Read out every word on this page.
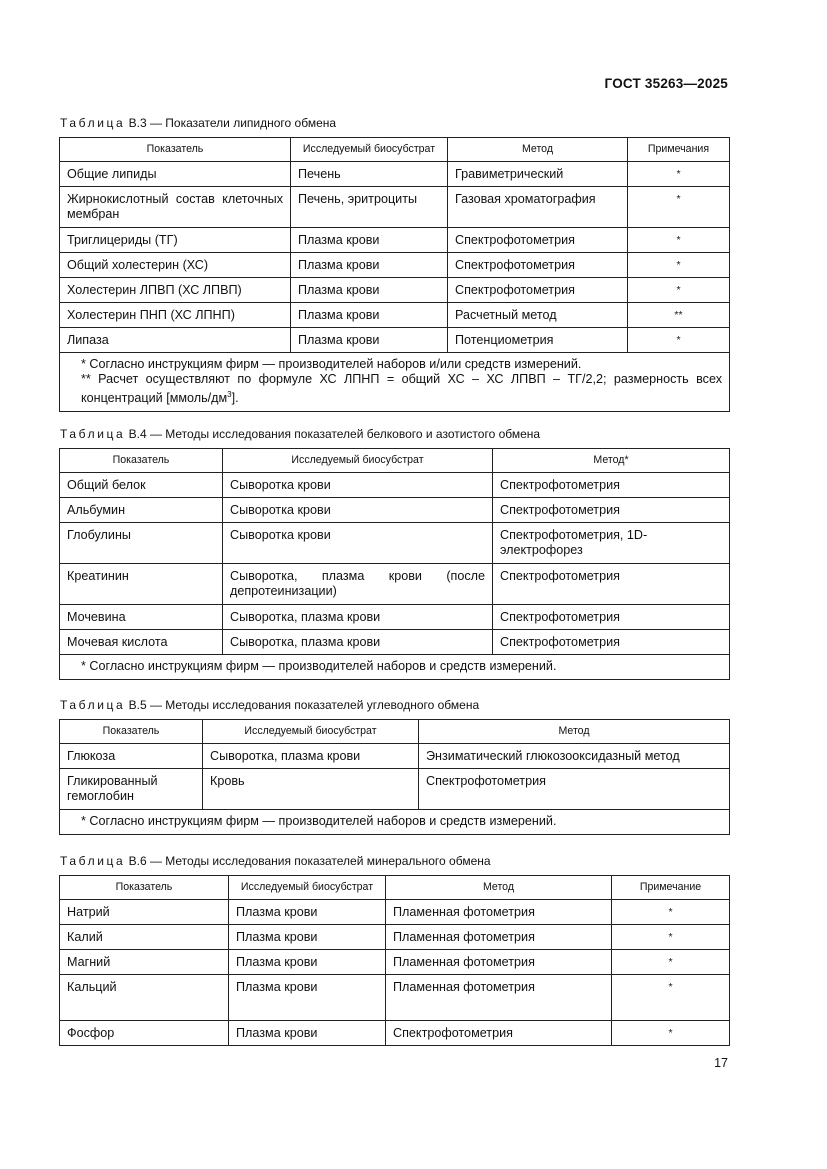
ГОСТ 35263—2025
Таблица В.3 — Показатели липидного обмена
Показатель	Исследуемый биосубстрат	Метод	Примечания
Общие липиды	Печень	Гравиметрический	*
Жирнокислотный состав клеточных мембран	Печень, эритроциты	Газовая хроматография	*
Триглицериды (ТГ)	Плазма крови	Спектрофотометрия	*
Общий холестерин (ХС)	Плазма крови	Спектрофотометрия	*
Холестерин ЛПВП (ХС ЛПВП)	Плазма крови	Спектрофотометрия	*
Холестерин ПНП (ХС ЛПНП)	Плазма крови	Расчетный метод	**
Липаза	Плазма крови	Потенциометрия	*

* Согласно инструкциям фирм — производителей наборов и/или средств измерений.
** Расчет осуществляют по формуле ХС ЛПНП = общий ХС – ХС ЛПВП – ТГ/2,2; размерность всех концентраций $[ммоль/дм^3]$.			
Таблица В.4 — Методы исследования показателей белкового и азотистого обмена
Показатель	Исследуемый биосубстрат	Метод*
Общий белок	Сыворотка крови	Спектрофотометрия
Альбумин	Сыворотка крови	Спектрофотометрия
Глобулины	Сыворотка крови	Спектрофотометрия, 1D-электрофорез
Креатинин	Сыворотка, плазма крови (после депротеинизации)	Спектрофотометрия
Мочевина	Сыворотка, плазма крови	Спектрофотометрия
Мочевая кислота	Сыворотка, плазма крови	Спектрофотометрия

* Согласно инструкциям фирм — производителей наборов и средств измерений.		
Таблица В.5 — Методы исследования показателей углеводного обмена
Показатель	Исследуемый биосубстрат	Метод
Глюкоза	Сыворотка, плазма крови	Энзиматический глюкозооксидазный метод
Гликированный гемоглобин	Кровь	Спектрофотометрия

* Согласно инструкциям фирм — производителей наборов и средств измерений.		
Таблица В.6 — Методы исследования показателей минерального обмена
Показатель	Исследуемый биосубстрат	Метод	Примечание
Натрий	Плазма крови	Пламенная фотометрия	*
Калий	Плазма крови	Пламенная фотометрия	*
Магний	Плазма крови	Пламенная фотометрия	*
Кальций	Плазма крови	Пламенная фотометрия	*
Фосфор	Плазма крови	Спектрофотометрия	*
17
